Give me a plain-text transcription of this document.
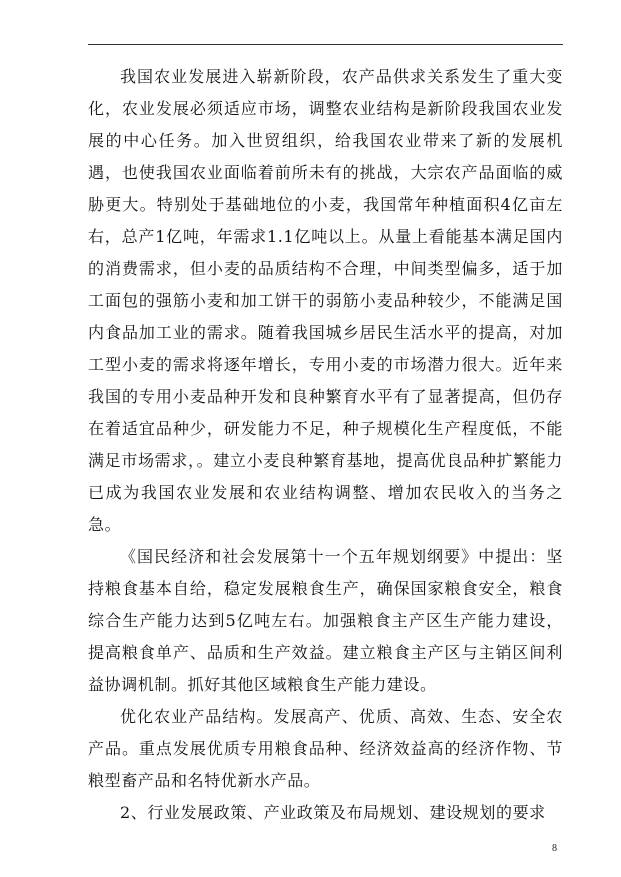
我国农业发展进入崭新阶段，农产品供求关系发生了重大变化，农业发展必须适应市场，调整农业结构是新阶段我国农业发展的中心任务。加入世贸组织，给我国农业带来了新的发展机遇，也使我国农业面临着前所未有的挑战，大宗农产品面临的威胁更大。特别处于基础地位的小麦，我国常年种植面积4亿亩左右，总产1亿吨，年需求1.1亿吨以上。从量上看能基本满足国内的消费需求，但小麦的品质结构不合理，中间类型偏多，适于加工面包的强筋小麦和加工饼干的弱筋小麦品种较少，不能满足国内食品加工业的需求。随着我国城乡居民生活水平的提高，对加工型小麦的需求将逐年增长，专用小麦的市场潜力很大。近年来我国的专用小麦品种开发和良种繁育水平有了显著提高，但仍存在着适宜品种少，研发能力不足，种子规模化生产程度低，不能满足市场需求，。建立小麦良种繁育基地，提高优良品种扩繁能力已成为我国农业发展和农业结构调整、增加农民收入的当务之急。

《国民经济和社会发展第十一个五年规划纲要》中提出：坚持粮食基本自给，稳定发展粮食生产，确保国家粮食安全，粮食综合生产能力达到5亿吨左右。加强粮食主产区生产能力建设，提高粮食单产、品质和生产效益。建立粮食主产区与主销区间利益协调机制。抓好其他区域粮食生产能力建设。

优化农业产品结构。发展高产、优质、高效、生态、安全农产品。重点发展优质专用粮食品种、经济效益高的经济作物、节粮型畜产品和名特优新水产品。

2、行业发展政策、产业政策及布局规划、建设规划的要求

8
